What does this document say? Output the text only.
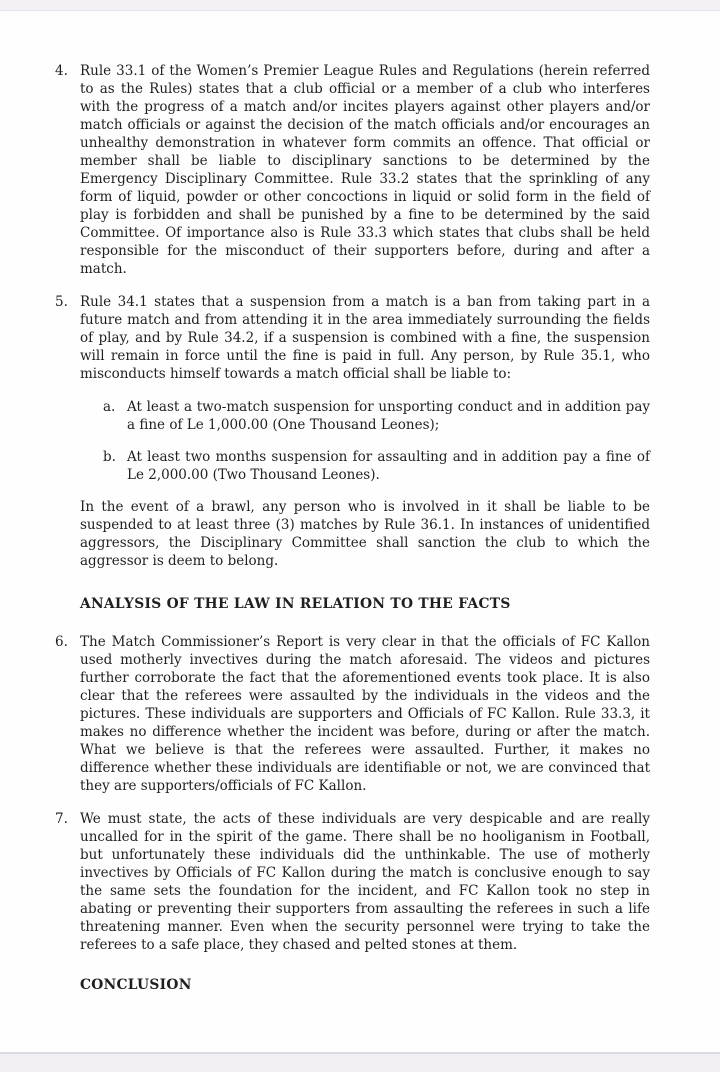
4. Rule 33.1 of the Women’s Premier League Rules and Regulations (herein referred to as the Rules) states that a club official or a member of a club who interferes with the progress of a match and/or incites players against other players and/or match officials or against the decision of the match officials and/or encourages an unhealthy demonstration in whatever form commits an offence. That official or member shall be liable to disciplinary sanctions to be determined by the Emergency Disciplinary Committee. Rule 33.2 states that the sprinkling of any form of liquid, powder or other concoctions in liquid or solid form in the field of play is forbidden and shall be punished by a fine to be determined by the said Committee. Of importance also is Rule 33.3 which states that clubs shall be held responsible for the misconduct of their supporters before, during and after a match.
5. Rule 34.1 states that a suspension from a match is a ban from taking part in a future match and from attending it in the area immediately surrounding the fields of play, and by Rule 34.2, if a suspension is combined with a fine, the suspension will remain in force until the fine is paid in full. Any person, by Rule 35.1, who misconducts himself towards a match official shall be liable to:
a. At least a two-match suspension for unsporting conduct and in addition pay a fine of Le 1,000.00 (One Thousand Leones);
b. At least two months suspension for assaulting and in addition pay a fine of Le 2,000.00 (Two Thousand Leones).
In the event of a brawl, any person who is involved in it shall be liable to be suspended to at least three (3) matches by Rule 36.1. In instances of unidentified aggressors, the Disciplinary Committee shall sanction the club to which the aggressor is deem to belong.
ANALYSIS OF THE LAW IN RELATION TO THE FACTS
6. The Match Commissioner’s Report is very clear in that the officials of FC Kallon used motherly invectives during the match aforesaid. The videos and pictures further corroborate the fact that the aforementioned events took place. It is also clear that the referees were assaulted by the individuals in the videos and the pictures. These individuals are supporters and Officials of FC Kallon. Rule 33.3, it makes no difference whether the incident was before, during or after the match. What we believe is that the referees were assaulted. Further, it makes no difference whether these individuals are identifiable or not, we are convinced that they are supporters/officials of FC Kallon.
7. We must state, the acts of these individuals are very despicable and are really uncalled for in the spirit of the game. There shall be no hooliganism in Football, but unfortunately these individuals did the unthinkable. The use of motherly invectives by Officials of FC Kallon during the match is conclusive enough to say the same sets the foundation for the incident, and FC Kallon took no step in abating or preventing their supporters from assaulting the referees in such a life threatening manner. Even when the security personnel were trying to take the referees to a safe place, they chased and pelted stones at them.
CONCLUSION
